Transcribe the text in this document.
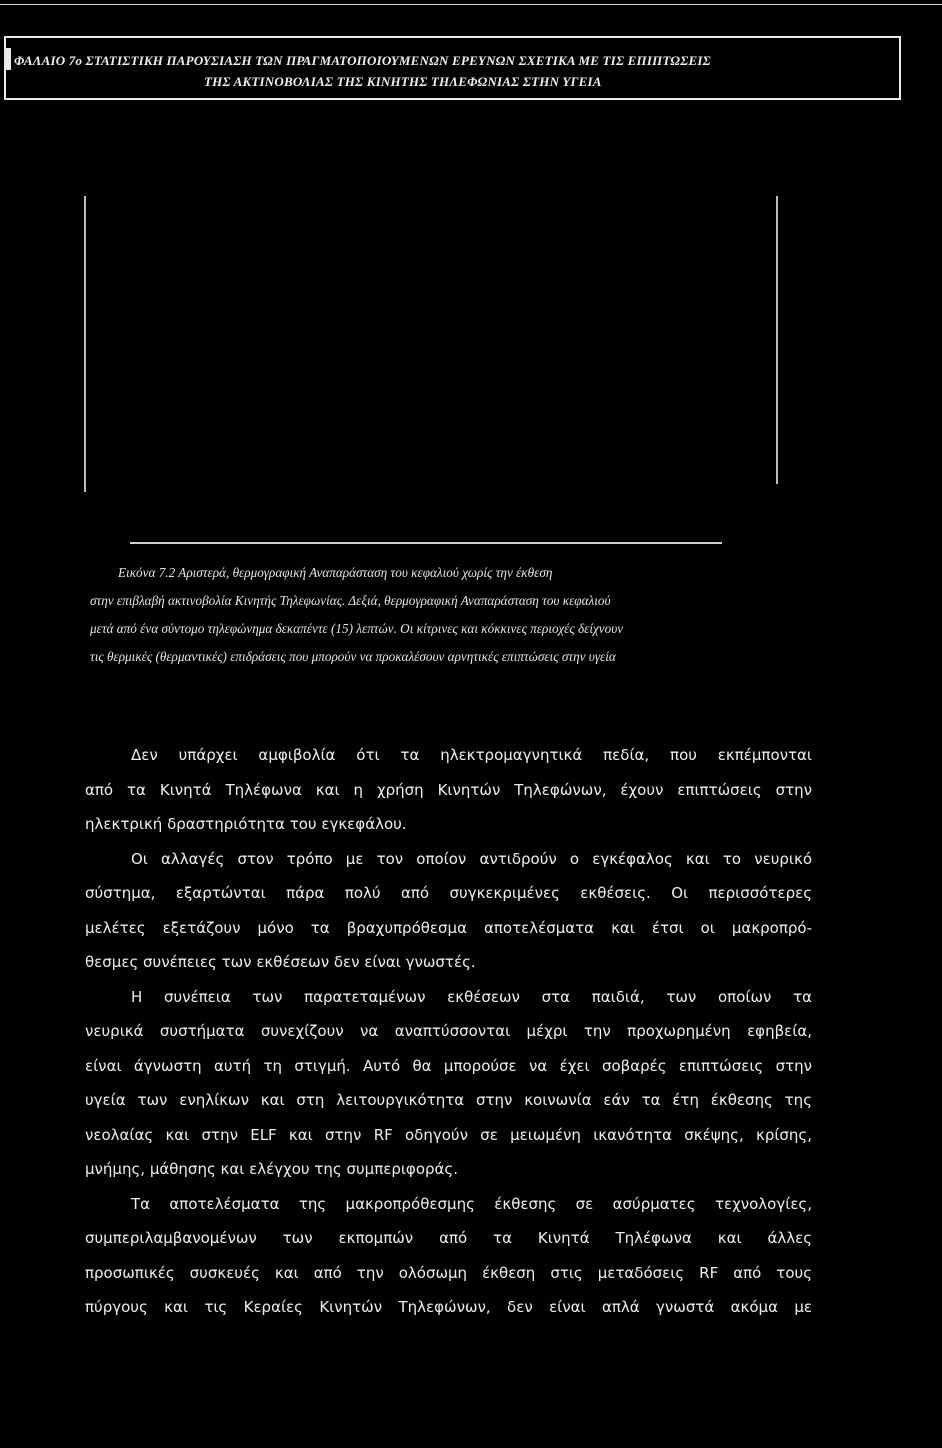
ΦΑΛΑΙΟ 7ο ΣΤΑΤΙΣΤΙΚΗ ΠΑΡΟΥΣΙΑΣΗ ΤΩΝ ΠΡΑΓΜΑΤΟΠΟΙΟΥΜΕΝΩΝ ΕΡΕΥΝΩΝ ΣΧΕΤΙΚΑ ΜΕ ΤΙΣ ΕΠΙΠΤΩΣΕΙΣ
ΤΗΣ ΑΚΤΙΝΟΒΟΛΙΑΣ ΤΗΣ ΚΙΝΗΤΗΣ ΤΗΛΕΦΩΝΙΑΣ ΣΤΗΝ ΥΓΕΙΑ
Εικόνα 7.2 Αριστερά, θερμογραφική Αναπαράσταση του κεφαλιού χωρίς την έκθεση
στην επιβλαβή ακτινοβολία Κινητής Τηλεφωνίας. Δεξιά, θερμογραφική Αναπαράσταση του κεφαλιού
μετά από ένα σύντομο τηλεφώνημα δεκαπέντε (15) λεπτών. Οι κίτρινες και κόκκινες περιοχές δείχνουν
τις θερμικές (θερμαντικές) επιδράσεις που μπορούν να προκαλέσουν αρνητικές επιπτώσεις στην υγεία
Δεν υπάρχει αμφιβολία ότι τα ηλεκτρομαγνητικά πεδία, που εκπέμπονται
από τα Κινητά Τηλέφωνα και η χρήση Κινητών Τηλεφώνων, έχουν επιπτώσεις στην
ηλεκτρική δραστηριότητα του εγκεφάλου.
Οι αλλαγές στον τρόπο με τον οποίον αντιδρούν ο εγκέφαλος και το νευρικό
σύστημα, εξαρτώνται πάρα πολύ από συγκεκριμένες εκθέσεις. Οι περισσότερες
μελέτες εξετάζουν μόνο τα βραχυπρόθεσμα αποτελέσματα και έτσι οι μακροπρό-
θεσμες συνέπειες των εκθέσεων δεν είναι γνωστές.
Η συνέπεια των παρατεταμένων εκθέσεων στα παιδιά, των οποίων τα
νευρικά συστήματα συνεχίζουν να αναπτύσσονται μέχρι την προχωρημένη εφηβεία,
είναι άγνωστη αυτή τη στιγμή. Αυτό θα μπορούσε να έχει σοβαρές επιπτώσεις στην
υγεία των ενηλίκων και στη λειτουργικότητα στην κοινωνία εάν τα έτη έκθεσης της
νεολαίας και στην ELF και στην RF οδηγούν σε μειωμένη ικανότητα σκέψης, κρίσης,
μνήμης, μάθησης και ελέγχου της συμπεριφοράς.
Τα αποτελέσματα της μακροπρόθεσμης έκθεσης σε ασύρματες τεχνολογίες,
συμπεριλαμβανομένων των εκπομπών από τα Κινητά Τηλέφωνα και άλλες
προσωπικές συσκευές και από την ολόσωμη έκθεση στις μεταδόσεις RF από τους
πύργους και τις Κεραίες Κινητών Τηλεφώνων, δεν είναι απλά γνωστά ακόμα με
